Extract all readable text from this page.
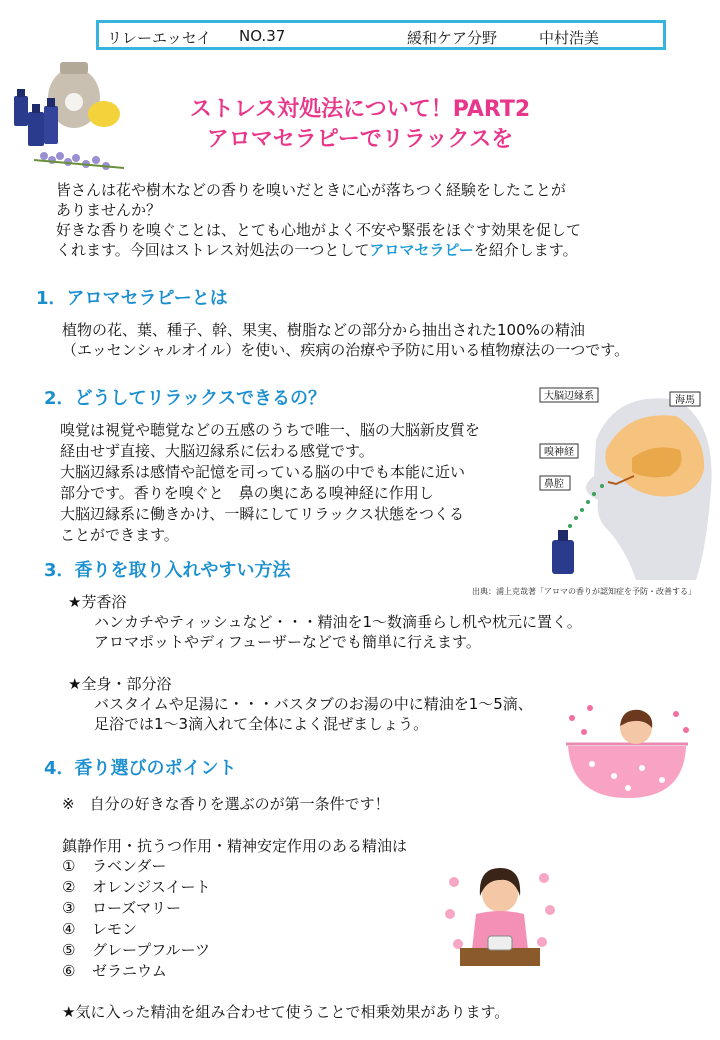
リレーエッセイ NO.37	緩和ケア分野	中村浩美
ストレス対処法について！PART2
アロマセラピーでリラックスを
皆さんは花や樹木などの香りを嗅いだときに心が落ちつく経験をしたことが
ありませんか？
好きな香りを嗅ぐことは、とても心地がよく不安や緊張をほぐす効果を促して
くれます。今回はストレス対処法の一つとしてアロマセラピーを紹介します。
1．アロマセラピーとは
植物の花、葉、種子、幹、果実、樹脂などの部分から抽出された100%の精油
（エッセンシャルオイル）を使い、疾病の治療や予防に用いる植物療法の一つです。
2．どうしてリラックスできるの？
嗅覚は視覚や聴覚などの五感のうちで唯一、脳の大脳新皮質を
経由せず直接、大脳辺縁系に伝わる感覚です。
大脳辺縁系は感情や記憶を司っている脳の中でも本能に近い
部分です。香りを嗅ぐと　鼻の奥にある嗅神経に作用し
大脳辺縁系に働きかけ、一瞬にしてリラックス状態をつくる
ことができます。
大脳辺縁系	海馬
嗅神経
鼻腔
3．香りを取り入れやすい方法
出典：浦上克哉著「アロマの香りが認知症を予防・改善する」
★芳香浴
ハンカチやティッシュなど・・・精油を1～数滴垂らし机や枕元に置く。
アロマポットやディフューザーなどでも簡単に行えます。
★全身・部分浴
バスタイムや足湯に・・・バスタブのお湯の中に精油を1～5滴、
足浴では1～3滴入れて全体によく混ぜましょう。
4．香り選びのポイント
※　自分の好きな香りを選ぶのが第一条件です！
鎮静作用・抗うつ作用・精神安定作用のある精油は
① ラベンダー
② オレンジスイート
③ ローズマリー
④ レモン
⑤ グレープフルーツ
⑥ ゼラニウム
★気に入った精油を組み合わせて使うことで相乗効果があります。
